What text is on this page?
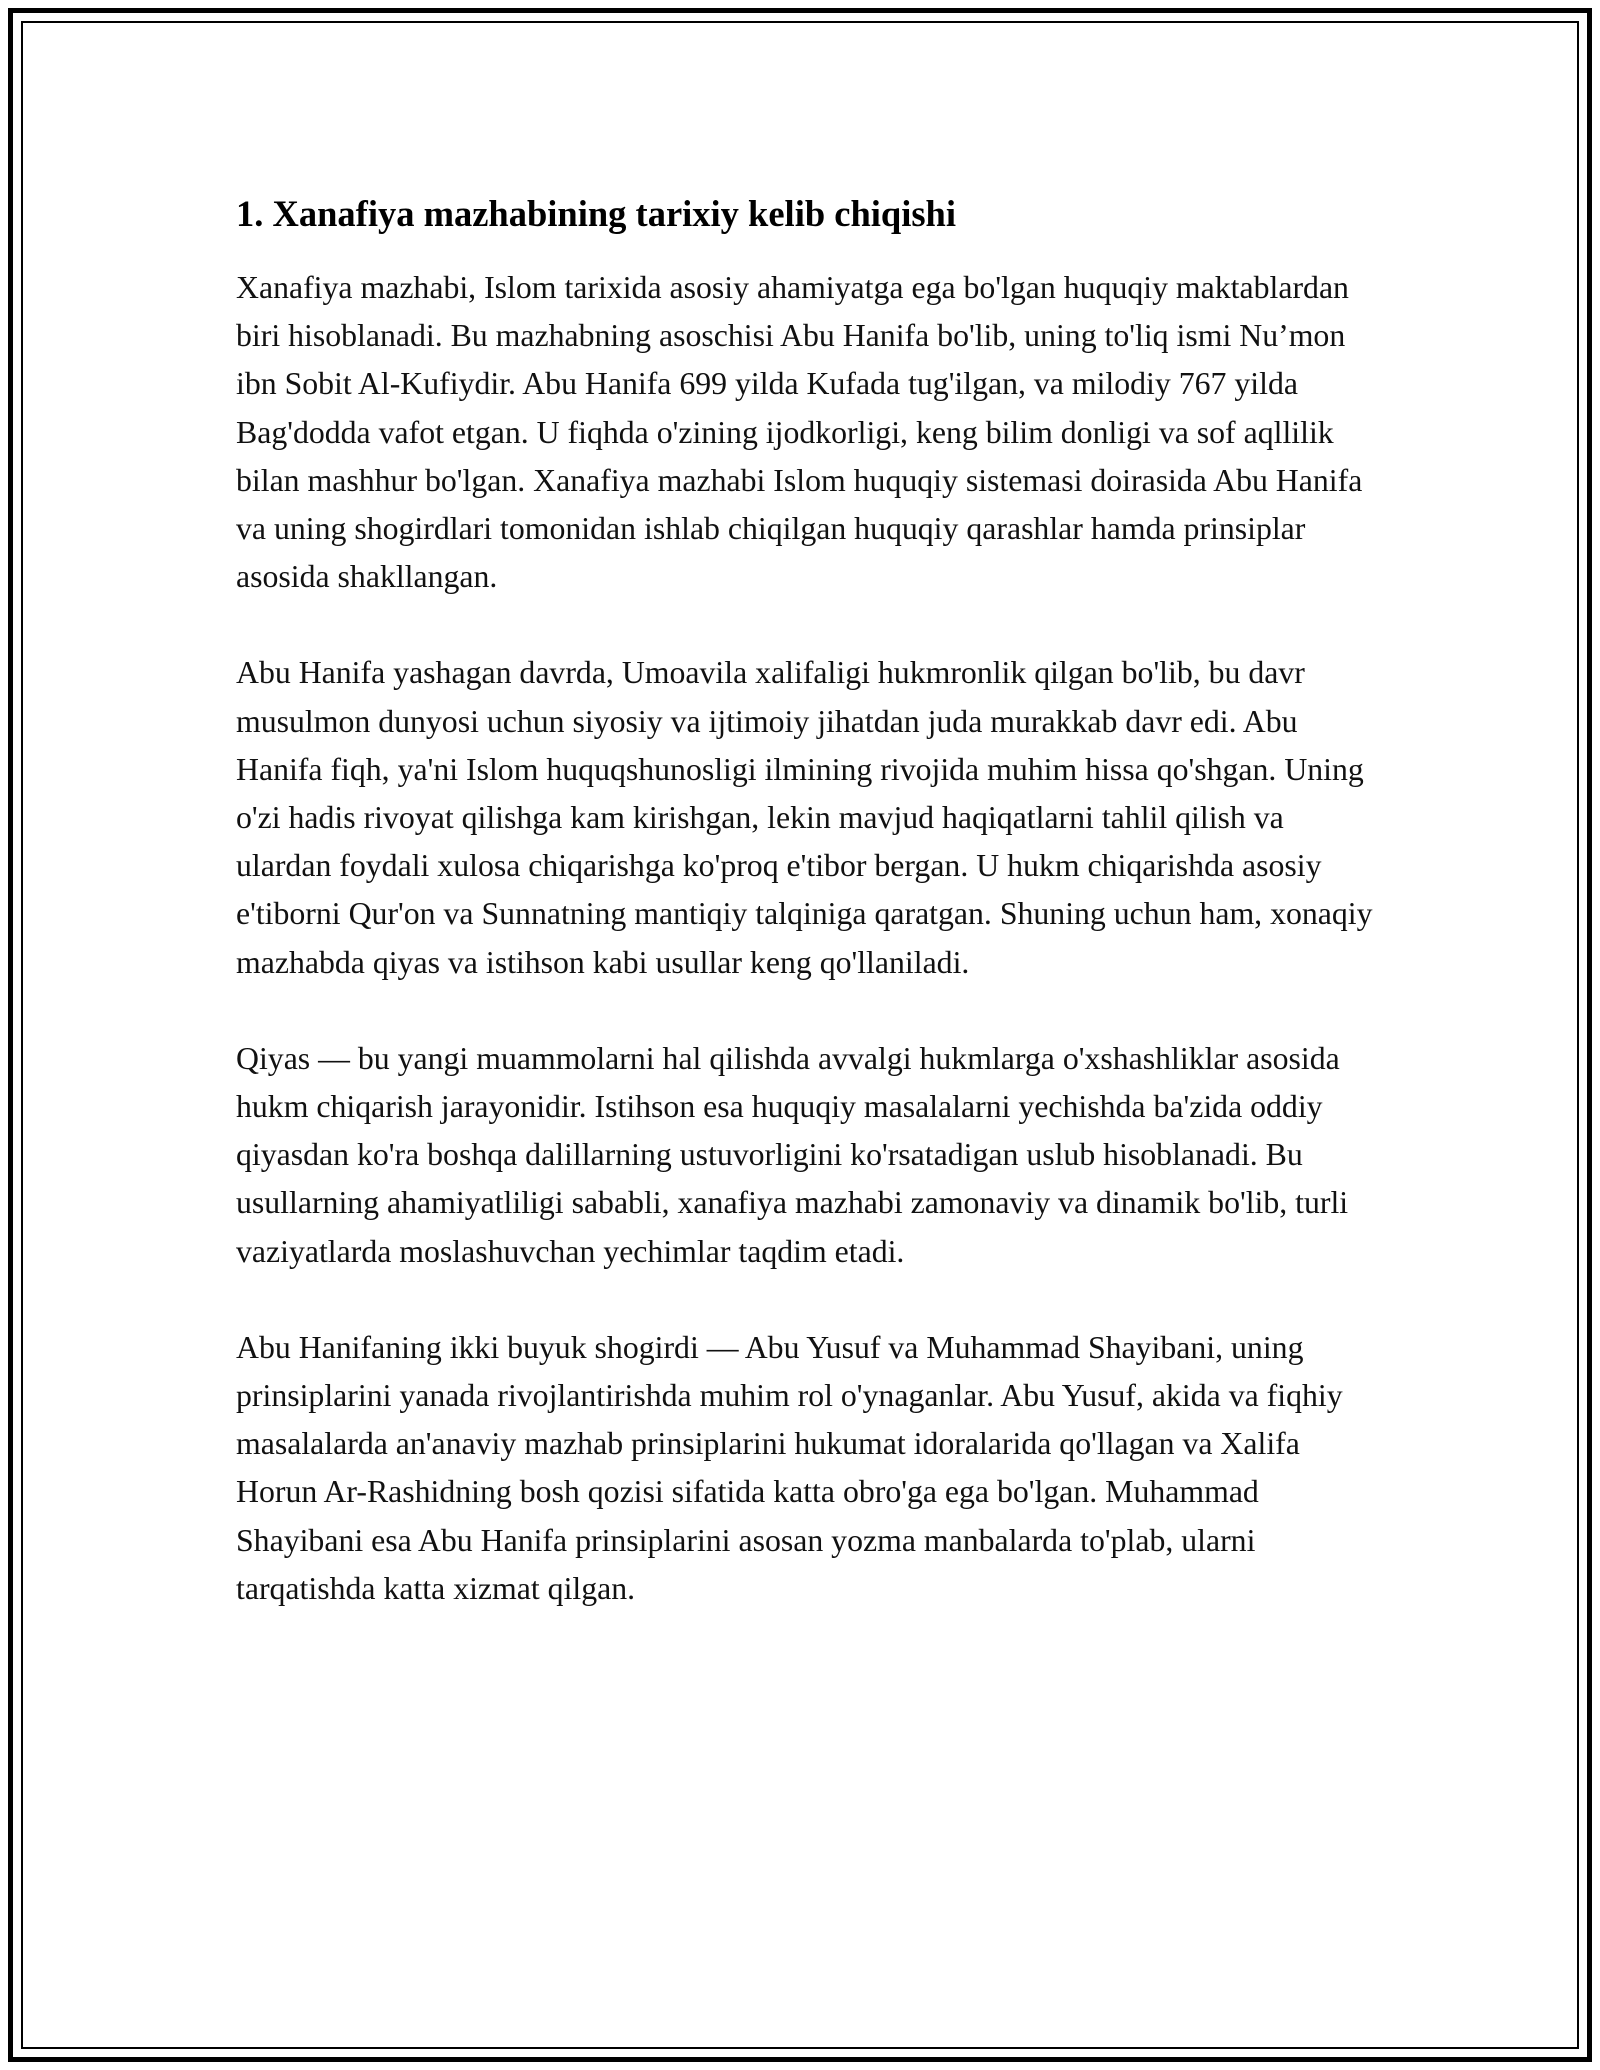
1. Xanafiya mazhabining tarixiy kelib chiqishi

Xanafiya mazhabi, Islom tarixida asosiy ahamiyatga ega bo'lgan huquqiy maktablardan biri hisoblanadi. Bu mazhabning asoschisi Abu Hanifa bo'lib, uning to'liq ismi Nu’mon ibn Sobit Al-Kufiydir. Abu Hanifa 699 yilda Kufada tug'ilgan, va milodiy 767 yilda Bag'dodda vafot etgan. U fiqhda o'zining ijodkorligi, keng bilim donligi va sof aqllilik bilan mashhur bo'lgan. Xanafiya mazhabi Islom huquqiy sistemasi doirasida Abu Hanifa va uning shogirdlari tomonidan ishlab chiqilgan huquqiy qarashlar hamda prinsiplar asosida shakllangan.

Abu Hanifa yashagan davrda, Umoavila xalifaligi hukmronlik qilgan bo'lib, bu davr musulmon dunyosi uchun siyosiy va ijtimoiy jihatdan juda murakkab davr edi. Abu Hanifa fiqh, ya'ni Islom huquqshunosligi ilmining rivojida muhim hissa qo'shgan. Uning o'zi hadis rivoyat qilishga kam kirishgan, lekin mavjud haqiqatlarni tahlil qilish va ulardan foydali xulosa chiqarishga ko'proq e'tibor bergan. U hukm chiqarishda asosiy e'tiborni Qur'on va Sunnatning mantiqiy talqiniga qaratgan. Shuning uchun ham, xonaqiy mazhabda qiyas va istihson kabi usullar keng qo'llaniladi.

Qiyas — bu yangi muammolarni hal qilishda avvalgi hukmlarga o'xshashliklar asosida hukm chiqarish jarayonidir. Istihson esa huquqiy masalalarni yechishda ba'zida oddiy qiyasdan ko'ra boshqa dalillarning ustuvorligini ko'rsatadigan uslub hisoblanadi. Bu usullarning ahamiyatliligi sababli, xanafiya mazhabi zamonaviy va dinamik bo'lib, turli vaziyatlarda moslashuvchan yechimlar taqdim etadi.

Abu Hanifaning ikki buyuk shogirdi — Abu Yusuf va Muhammad Shayibani, uning prinsiplarini yanada rivojlantirishda muhim rol o'ynaganlar. Abu Yusuf, akida va fiqhiy masalalarda an'anaviy mazhab prinsiplarini hukumat idoralarida qo'llagan va Xalifa Horun Ar-Rashidning bosh qozisi sifatida katta obro'ga ega bo'lgan. Muhammad Shayibani esa Abu Hanifa prinsiplarini asosan yozma manbalarda to'plab, ularni tarqatishda katta xizmat qilgan.
